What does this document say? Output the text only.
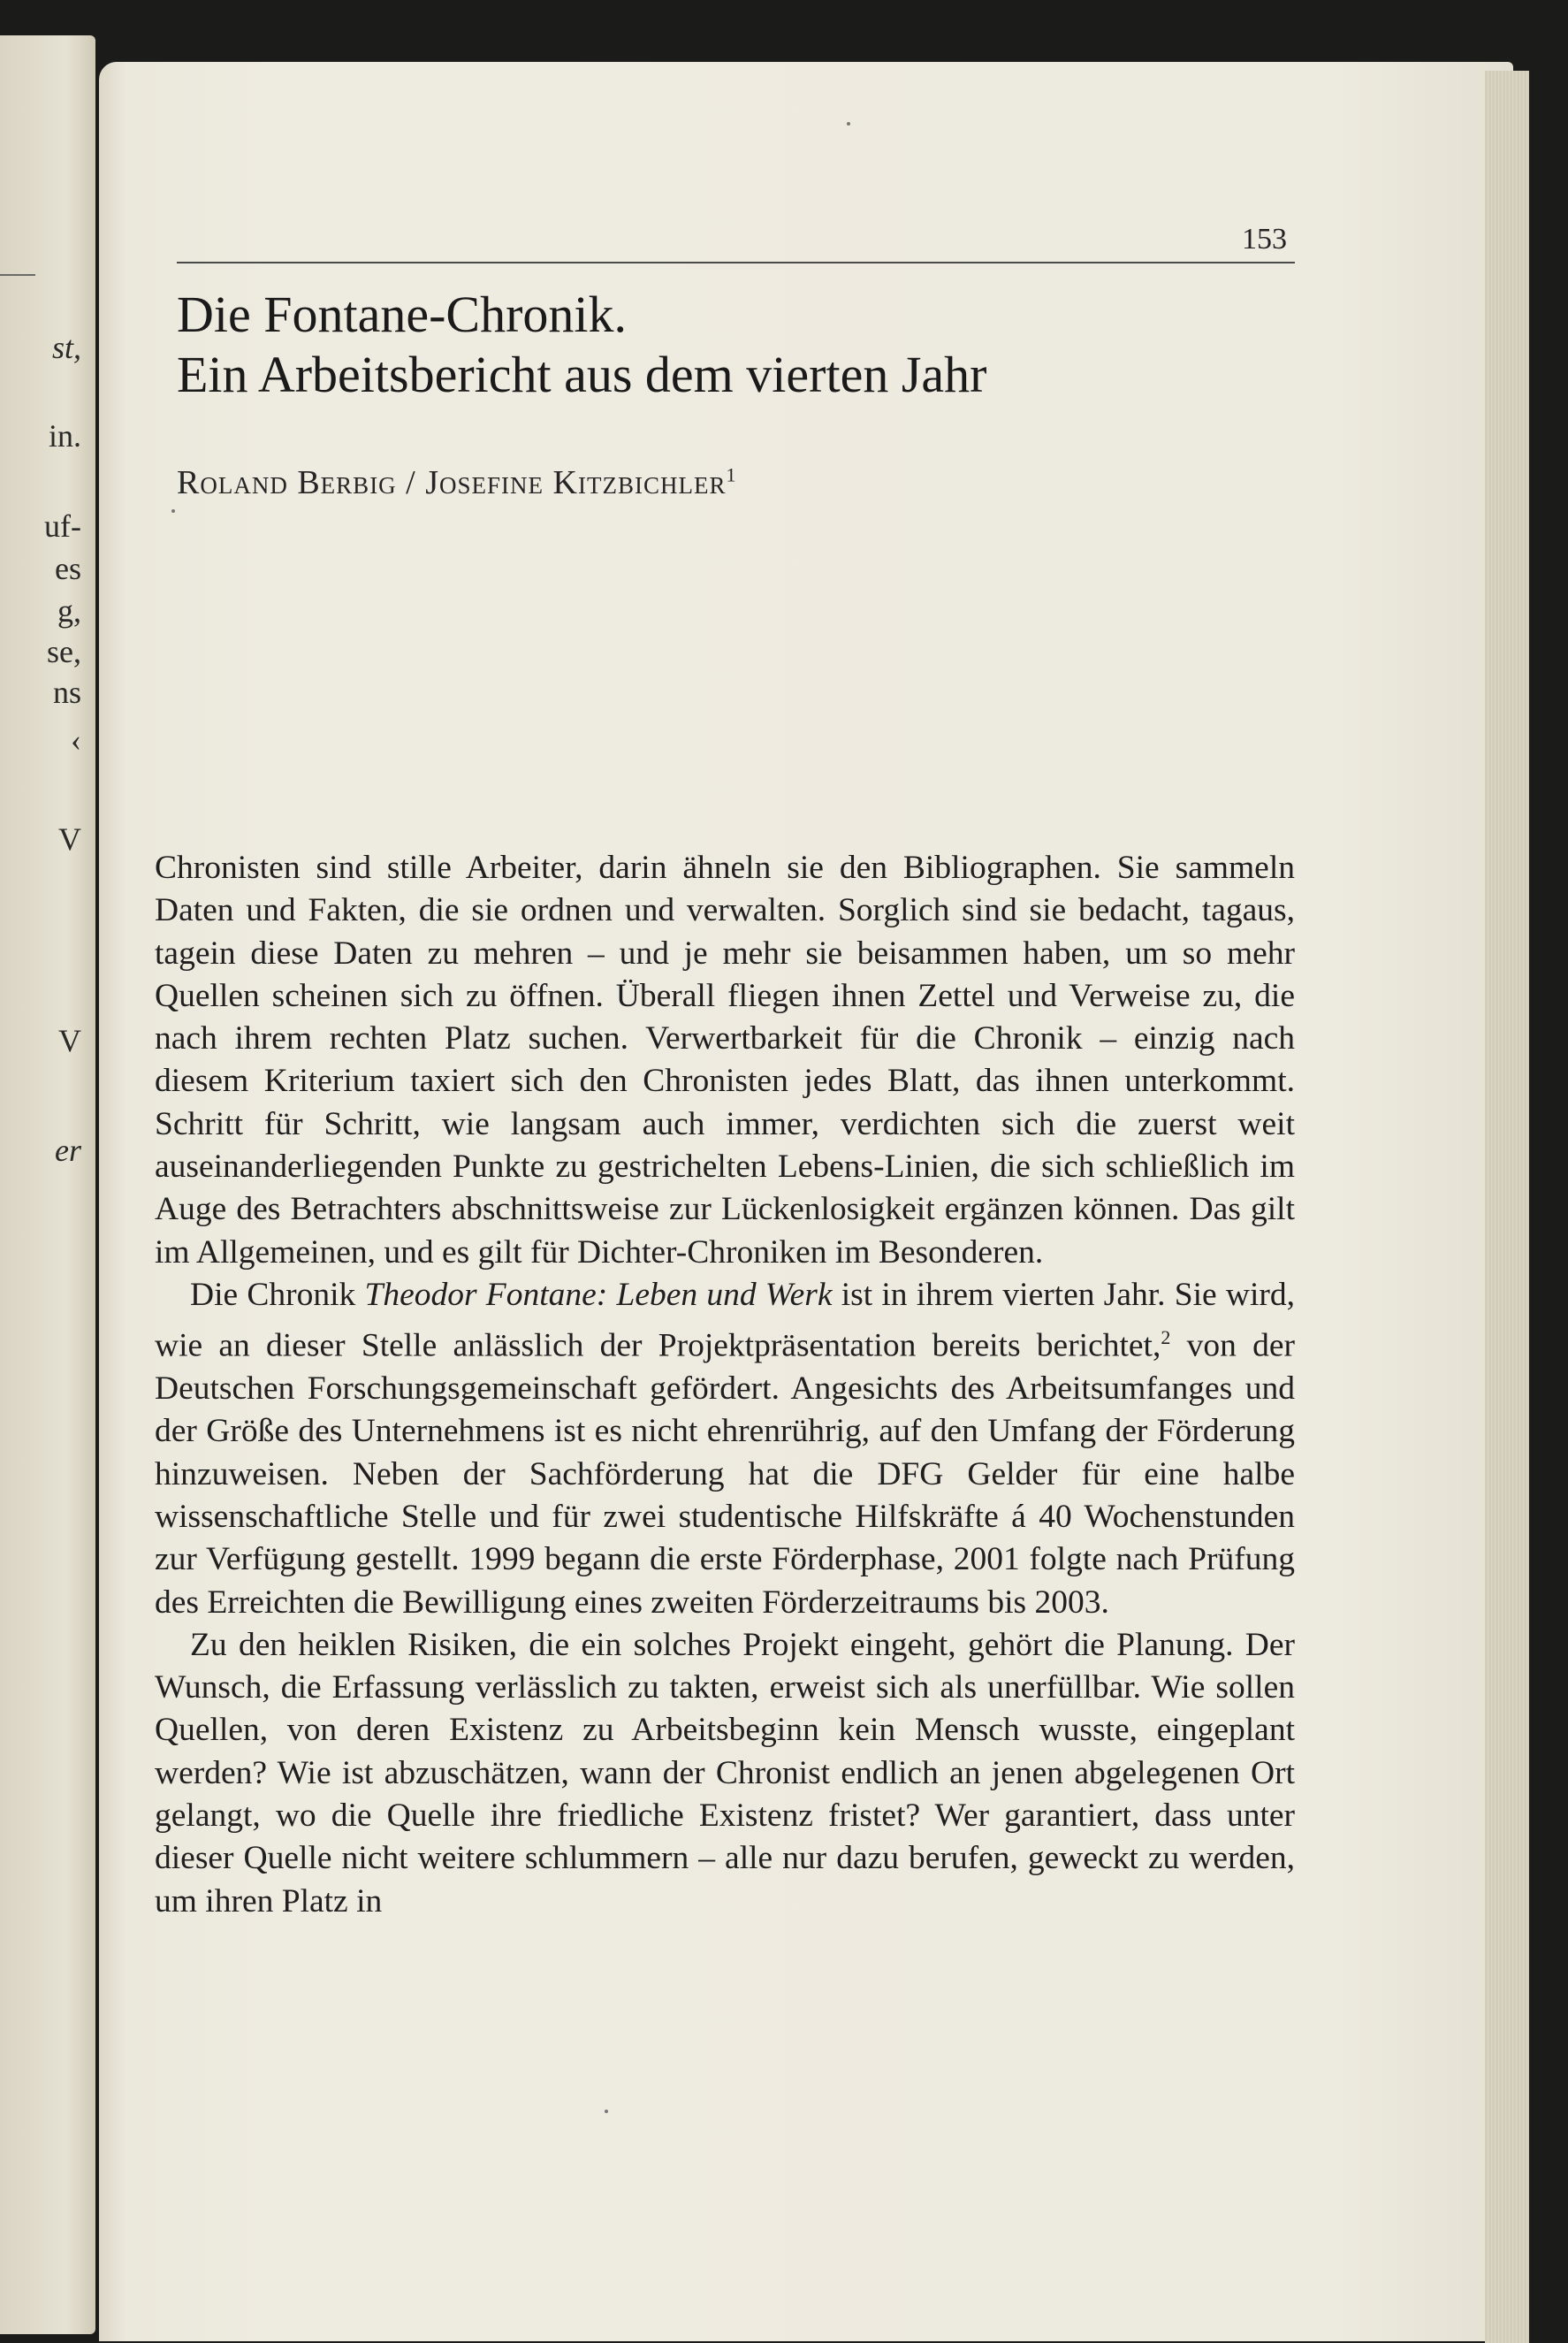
st,
in.
uf-
es
g,
se,
ns
‹
V
V
er
153
Die Fontane-Chronik.
Ein Arbeitsbericht aus dem vierten Jahr
Roland Berbig / Josefine Kitzbichler$^1$

Chronisten sind stille Arbeiter, darin ähneln sie den Bibliographen. Sie sammeln Daten und Fakten, die sie ordnen und verwalten. Sorglich sind sie bedacht, tagaus, tagein diese Daten zu mehren – und je mehr sie beisammen haben, um so mehr Quellen scheinen sich zu öffnen. Überall fliegen ihnen Zettel und Verweise zu, die nach ihrem rechten Platz suchen. Verwertbarkeit für die Chronik – einzig nach diesem Kriterium taxiert sich den Chronisten jedes Blatt, das ihnen unterkommt. Schritt für Schritt, wie langsam auch immer, verdichten sich die zuerst weit auseinanderliegenden Punkte zu gestrichelten Lebens-Linien, die sich schließlich im Auge des Betrachters abschnittsweise zur Lückenlosigkeit ergänzen können. Das gilt im Allgemeinen, und es gilt für Dichter-Chroniken im Besonderen.

Die Chronik Theodor Fontane: Leben und Werk ist in ihrem vierten Jahr. Sie wird, wie an dieser Stelle anlässlich der Projektpräsentation bereits berichtet,$^2$ von der Deutschen Forschungsgemeinschaft gefördert. Angesichts des Arbeitsumfanges und der Größe des Unternehmens ist es nicht ehrenrührig, auf den Umfang der Förderung hinzuweisen. Neben der Sachförderung hat die DFG Gelder für eine halbe wissenschaftliche Stelle und für zwei studentische Hilfskräfte á 40 Wochenstunden zur Verfügung gestellt. 1999 begann die erste Förderphase, 2001 folgte nach Prüfung des Erreichten die Bewilligung eines zweiten Förderzeitraums bis 2003.

Zu den heiklen Risiken, die ein solches Projekt eingeht, gehört die Planung. Der Wunsch, die Erfassung verlässlich zu takten, erweist sich als unerfüllbar. Wie sollen Quellen, von deren Existenz zu Arbeitsbeginn kein Mensch wusste, eingeplant werden? Wie ist abzuschätzen, wann der Chronist endlich an jenen abgelegenen Ort gelangt, wo die Quelle ihre friedliche Existenz fristet? Wer garantiert, dass unter dieser Quelle nicht weitere schlummern – alle nur dazu berufen, geweckt zu werden, um ihren Platz in
